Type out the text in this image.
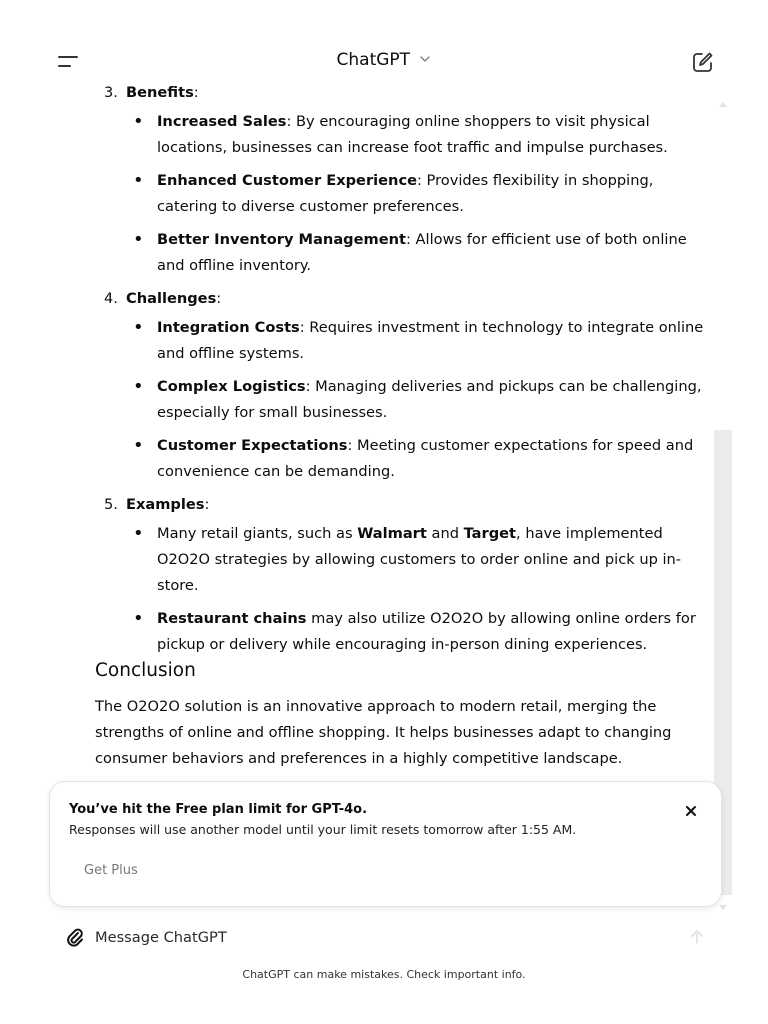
ChatGPT
3. Benefits:
• Increased Sales: By encouraging online shoppers to visit physical locations, businesses can increase foot traffic and impulse purchases.
• Enhanced Customer Experience: Provides flexibility in shopping, catering to diverse customer preferences.
• Better Inventory Management: Allows for efficient use of both online and offline inventory.
4. Challenges:
• Integration Costs: Requires investment in technology to integrate online and offline systems.
• Complex Logistics: Managing deliveries and pickups can be challenging, especially for small businesses.
• Customer Expectations: Meeting customer expectations for speed and convenience can be demanding.
5. Examples:
• Many retail giants, such as Walmart and Target, have implemented O2O2O strategies by allowing customers to order online and pick up in-store.
• Restaurant chains may also utilize O2O2O by allowing online orders for pickup or delivery while encouraging in-person dining experiences.
Conclusion

The O2O2O solution is an innovative approach to modern retail, merging the strengths of online and offline shopping. It helps businesses adapt to changing consumer behaviors and preferences in a highly competitive landscape.

You’ve hit the Free plan limit for GPT-4o.
Responses will use another model until your limit resets tomorrow after 1:55 AM.
Get Plus
Message ChatGPT
ChatGPT can make mistakes. Check important info.
